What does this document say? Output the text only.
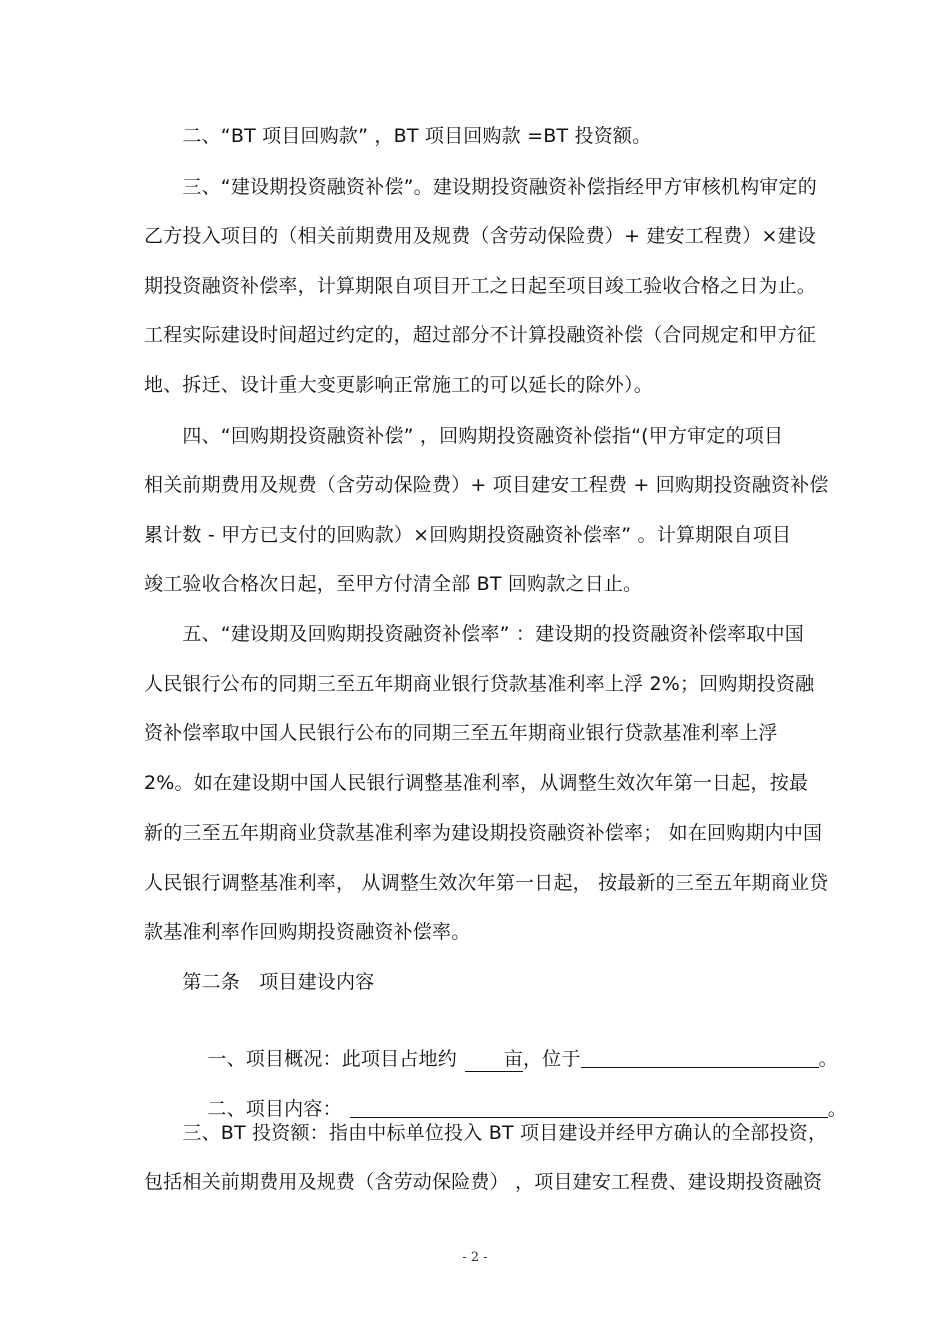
　　二、“BT 项目回购款” ，BT 项目回购款 =BT 投资额。
　　三、“建设期投资融资补偿”。建设期投资融资补偿指经甲方审核机构审定的
乙方投入项目的（相关前期费用及规费（含劳动保险费）+ 建安工程费）×建设
期投资融资补偿率，计算期限自项目开工之日起至项目竣工验收合格之日为止。
工程实际建设时间超过约定的，超过部分不计算投融资补偿（合同规定和甲方征
地、拆迁、设计重大变更影响正常施工的可以延长的除外）。
　　四、“回购期投资融资补偿” ，回购期投资融资补偿指“(甲方审定的项目
相关前期费用及规费（含劳动保险费）+ 项目建安工程费 + 回购期投资融资补偿
累计数 - 甲方已支付的回购款）×回购期投资融资补偿率” 。计算期限自项目
竣工验收合格次日起，至甲方付清全部 BT 回购款之日止。
　　五、“建设期及回购期投资融资补偿率” ：建设期的投资融资补偿率取中国
人民银行公布的同期三至五年期商业银行贷款基准利率上浮 2%；回购期投资融
资补偿率取中国人民银行公布的同期三至五年期商业银行贷款基准利率上浮
2%。如在建设期中国人民银行调整基准利率，从调整生效次年第一日起，按最
新的三至五年期商业贷款基准利率为建设期投资融资补偿率； 如在回购期内中国
人民银行调整基准利率， 从调整生效次年第一日起， 按最新的三至五年期商业贷
款基准利率作回购期投资融资补偿率。
　　第二条　项目建设内容

　　一、项目概况：此项目占地约 亩，位于	。

　　二、项目内容：	。

　　三、BT 投资额：指由中标单位投入 BT 项目建设并经甲方确认的全部投资，
包括相关前期费用及规费（含劳动保险费） ，项目建安工程费、建设期投资融资
- 2 -
